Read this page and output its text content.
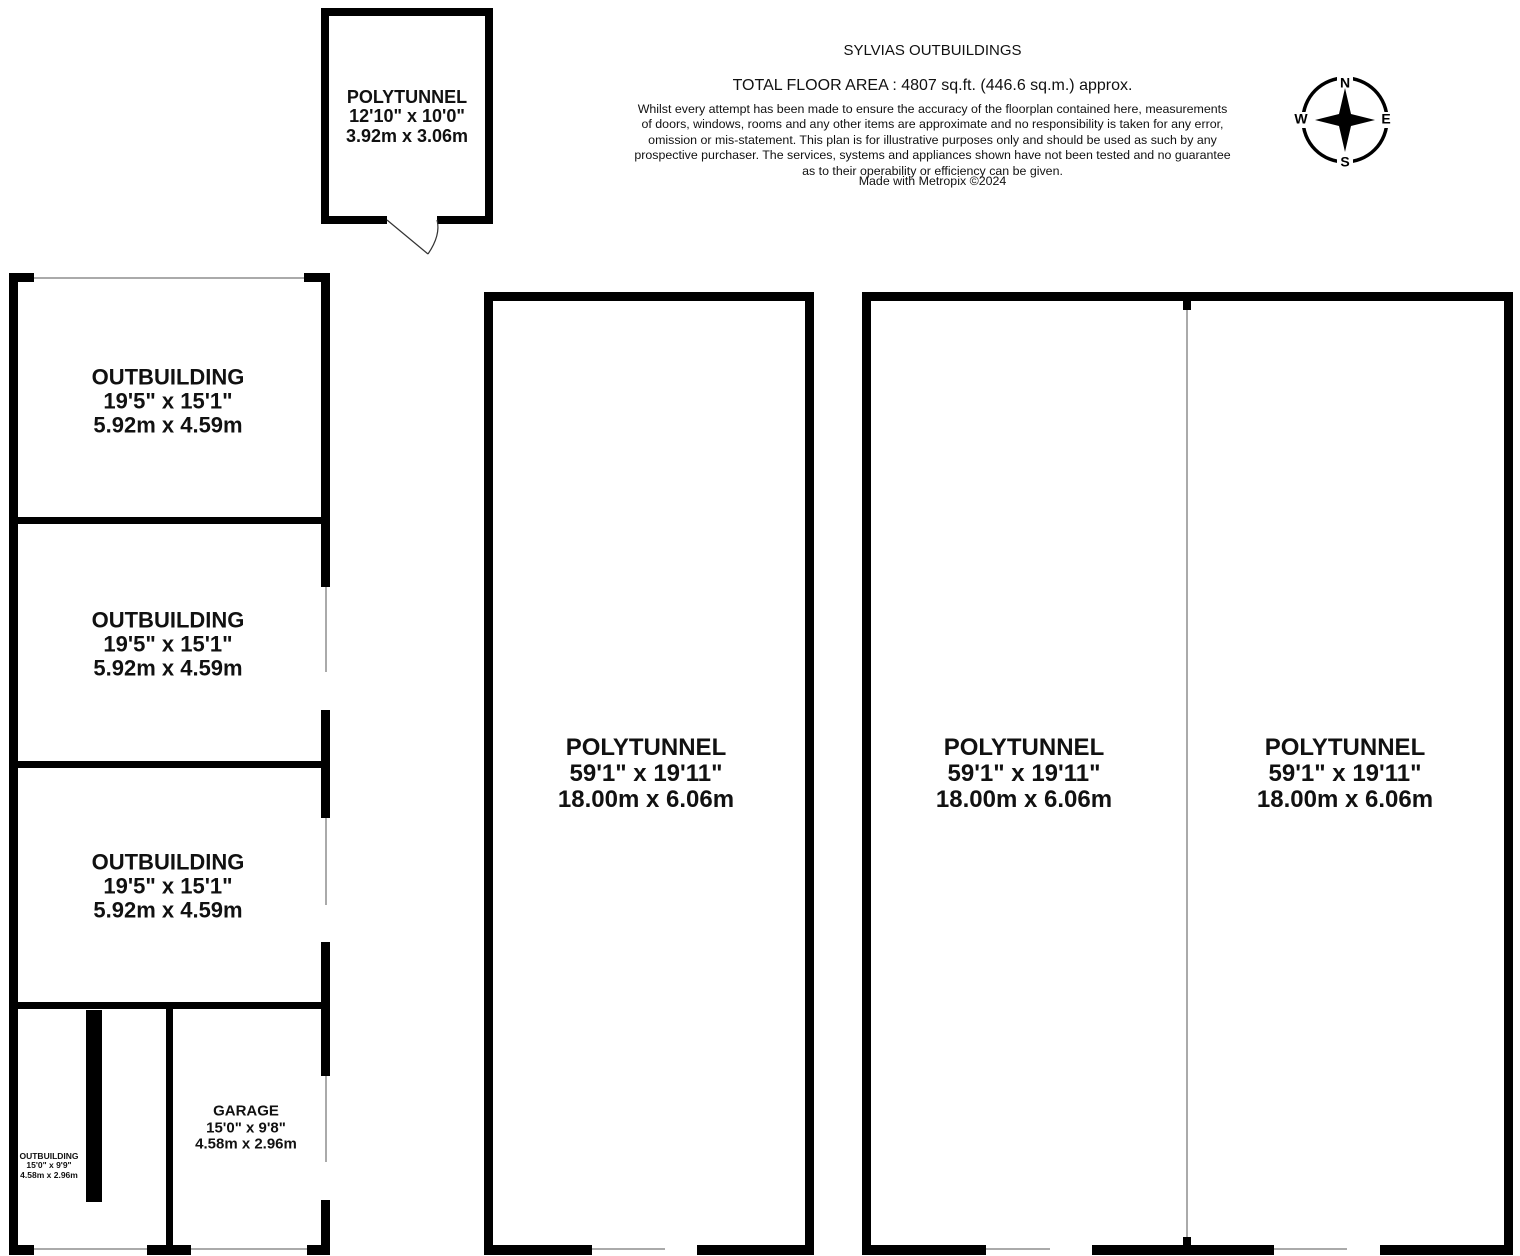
N
S
W	E
SYLVIAS OUTBUILDINGS
TOTAL FLOOR AREA : 4807 sq.ft. (446.6 sq.m.) approx.
Whilst every attempt has been made to ensure the accuracy of the floorplan contained here, measurements
of doors, windows, rooms and any other items are approximate and no responsibility is taken for any error,
omission or mis-statement. This plan is for illustrative purposes only and should be used as such by any
prospective purchaser. The services, systems and appliances shown have not been tested and no guarantee
as to their operability or efficiency can be given.
Made with Metropix ©2024
POLYTUNNEL
12'10" x 10'0"
3.92m x 3.06m
OUTBUILDING
19'5" x 15'1"
5.92m x 4.59m
OUTBUILDING
19'5" x 15'1"
5.92m x 4.59m
OUTBUILDING
19'5" x 15'1"
5.92m x 4.59m
OUTBUILDING
15'0" x 9'9"
4.58m x 2.96m
GARAGE
15'0" x 9'8"
4.58m x 2.96m
POLYTUNNEL
59'1" x 19'11"
18.00m x 6.06m
POLYTUNNEL
59'1" x 19'11"
18.00m x 6.06m
POLYTUNNEL
59'1" x 19'11"
18.00m x 6.06m
